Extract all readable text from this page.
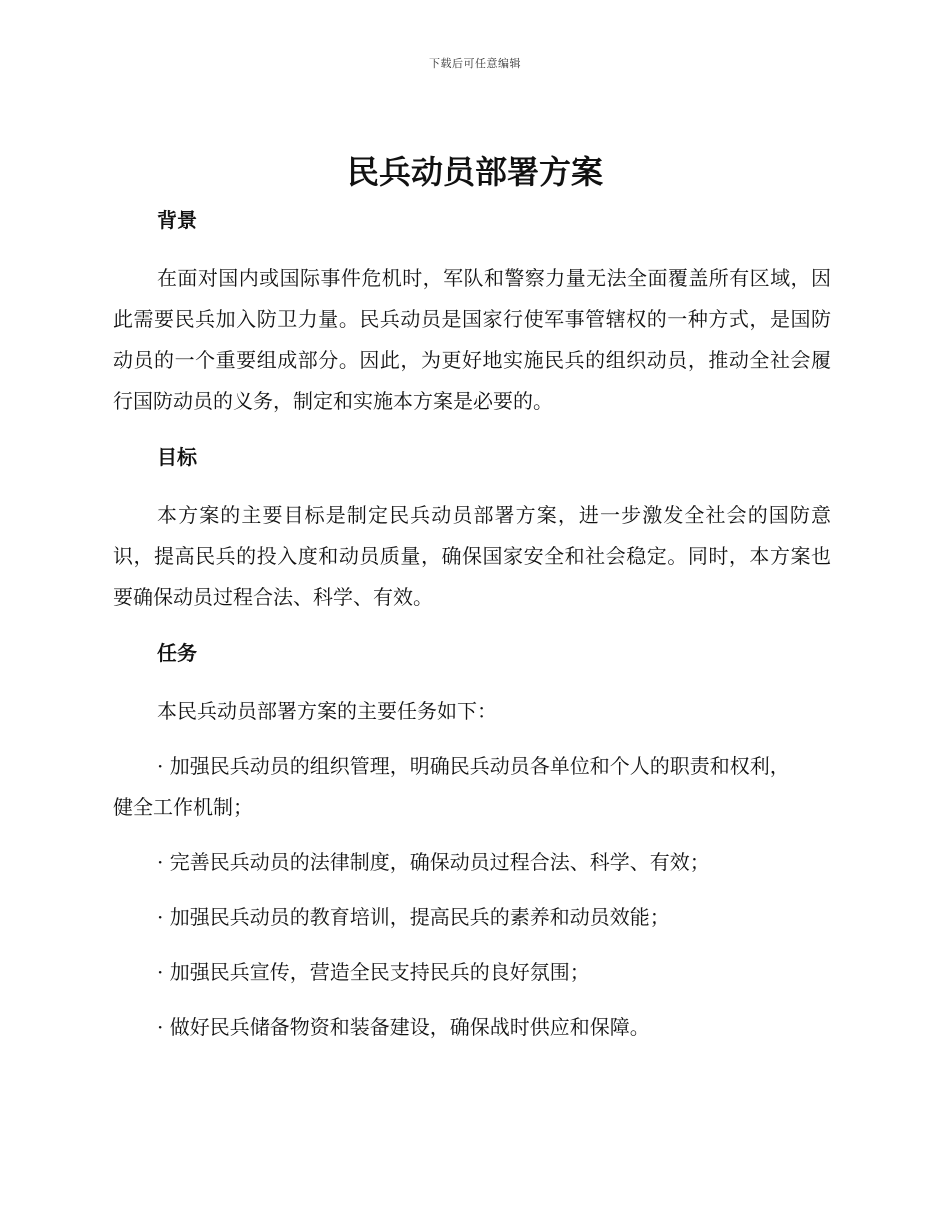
下载后可任意编辑
民兵动员部署方案
背景

在面对国内或国际事件危机时，军队和警察力量无法全面覆盖所有区域，因此需要民兵加入防卫力量。民兵动员是国家行使军事管辖权的一种方式，是国防动员的一个重要组成部分。因此，为更好地实施民兵的组织动员，推动全社会履行国防动员的义务，制定和实施本方案是必要的。

目标

本方案的主要目标是制定民兵动员部署方案，进一步激发全社会的国防意识，提高民兵的投入度和动员质量，确保国家安全和社会稳定。同时，本方案也要确保动员过程合法、科学、有效。

任务

本民兵动员部署方案的主要任务如下：

· 加强民兵动员的组织管理，明确民兵动员各单位和个人的职责和权利，健全工作机制；

· 完善民兵动员的法律制度，确保动员过程合法、科学、有效；

· 加强民兵动员的教育培训，提高民兵的素养和动员效能；

· 加强民兵宣传，营造全民支持民兵的良好氛围；

· 做好民兵储备物资和装备建设，确保战时供应和保障。
